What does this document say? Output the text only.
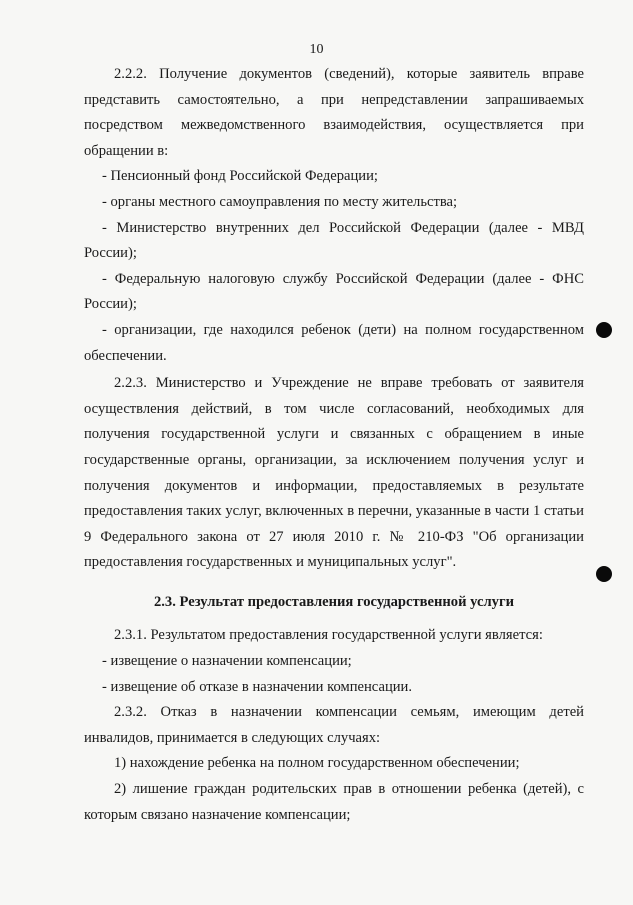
10

2.2.2. Получение документов (сведений), которые заявитель вправе представить самостоятельно, а при непредставлении запрашиваемых посредством межведомственного взаимодействия, осуществляется при обращении в:

- Пенсионный фонд Российской Федерации;

- органы местного самоуправления по месту жительства;

- Министерство внутренних дел Российской Федерации (далее - МВД России);

- Федеральную налоговую службу Российской Федерации (далее - ФНС России);

- организации, где находился ребенок (дети) на полном государственном обеспечении.

2.2.3. Министерство и Учреждение не вправе требовать от заявителя осуществления действий, в том числе согласований, необходимых для получения государственной услуги и связанных с обращением в иные государственные органы, организации, за исключением получения услуг и получения документов и информации, предоставляемых в результате предоставления таких услуг, включенных в перечни, указанные в части 1 статьи 9 Федерального закона от 27 июля 2010 г. № 210-ФЗ "Об организации предоставления государственных и муниципальных услуг".

2.3. Результат предоставления государственной услуги

2.3.1. Результатом предоставления государственной услуги является:

- извещение о назначении компенсации;

- извещение об отказе в назначении компенсации.

2.3.2. Отказ в назначении компенсации семьям, имеющим детей инвалидов, принимается в следующих случаях:

1) нахождение ребенка на полном государственном обеспечении;

2) лишение граждан родительских прав в отношении ребенка (детей), с которым связано назначение компенсации;
